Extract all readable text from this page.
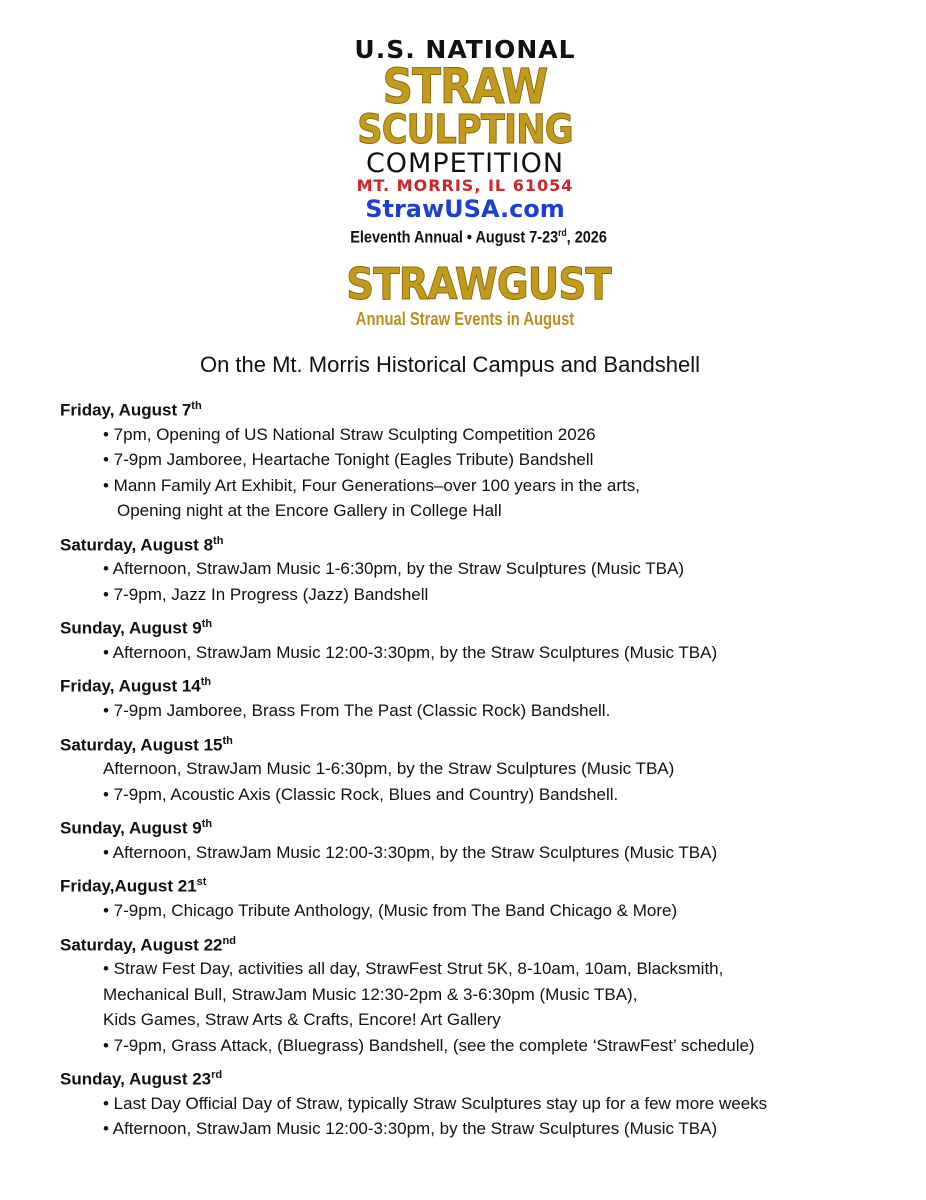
U.S. NATIONAL
STRAW
SCULPTING
COMPETITION
MT. MORRIS, IL 61054
StrawUSA.com
Eleventh Annual • August 7-23rd, 2026
STRAWGUST
Annual Straw Events in August
On the Mt. Morris Historical Campus and Bandshell
Friday, August 7th
• 7pm, Opening of US National Straw Sculpting Competition 2026
• 7-9pm Jamboree, Heartache Tonight (Eagles Tribute) Bandshell
• Mann Family Art Exhibit, Four Generations–over 100 years in the arts,
Opening night at the Encore Gallery in College Hall
Saturday, August 8th
• Afternoon, StrawJam Music 1-6:30pm, by the Straw Sculptures (Music TBA)
• 7-9pm, Jazz In Progress (Jazz) Bandshell
Sunday, August 9th
• Afternoon, StrawJam Music 12:00-3:30pm, by the Straw Sculptures (Music TBA)
Friday, August 14th
• 7-9pm Jamboree, Brass From The Past (Classic Rock) Bandshell.
Saturday, August 15th
Afternoon, StrawJam Music 1-6:30pm, by the Straw Sculptures (Music TBA)
• 7-9pm, Acoustic Axis (Classic Rock, Blues and Country) Bandshell.
Sunday, August 9th
• Afternoon, StrawJam Music 12:00-3:30pm, by the Straw Sculptures (Music TBA)
Friday,August 21st
• 7-9pm, Chicago Tribute Anthology, (Music from The Band Chicago & More)
Saturday, August 22nd
• Straw Fest Day, activities all day, StrawFest Strut 5K, 8-10am, 10am, Blacksmith,
Mechanical Bull, StrawJam Music 12:30-2pm & 3-6:30pm (Music TBA),
Kids Games, Straw Arts & Crafts, Encore! Art Gallery
• 7-9pm, Grass Attack, (Bluegrass) Bandshell, (see the complete ‘StrawFest’ schedule)
Sunday, August 23rd
• Last Day Official Day of Straw, typically Straw Sculptures stay up for a few more weeks
• Afternoon, StrawJam Music 12:00-3:30pm, by the Straw Sculptures (Music TBA)
